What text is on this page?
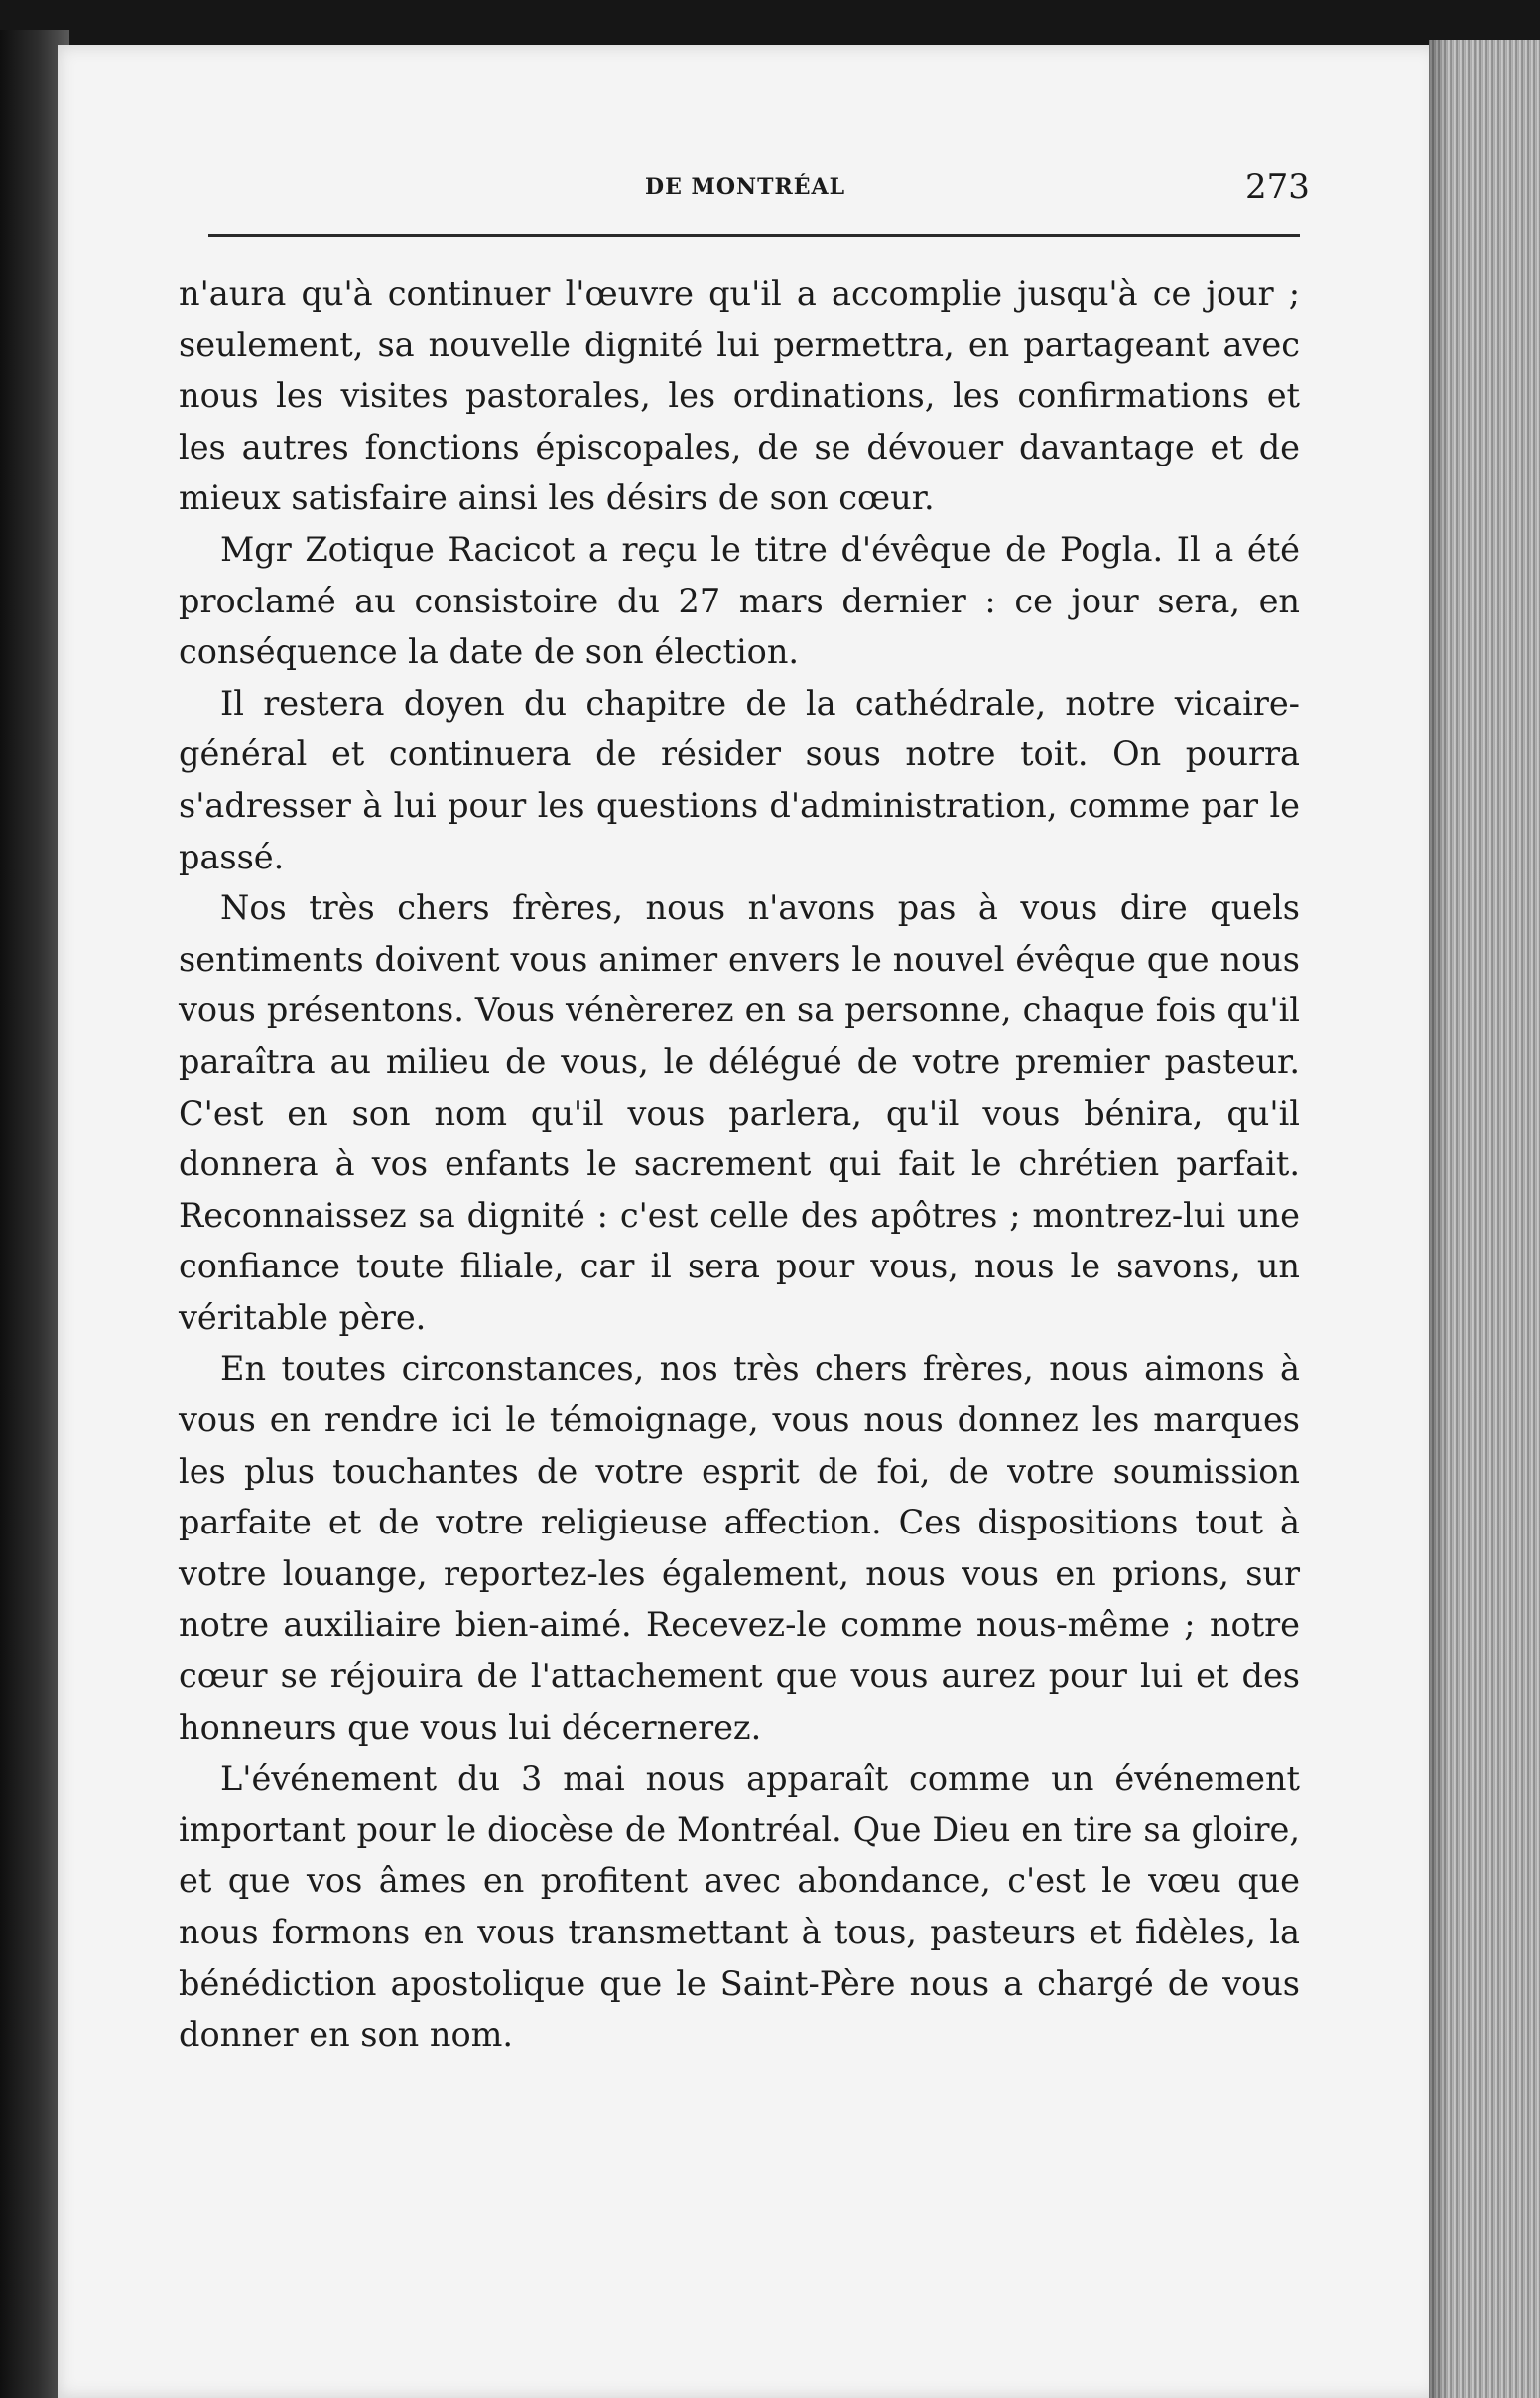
DE MONTRÉAL	273

n'aura qu'à continuer l'œuvre qu'il a accomplie jusqu'à ce jour ; seulement, sa nouvelle dignité lui permettra, en partageant avec nous les visites pastorales, les ordinations, les confirmations et les autres fonctions épiscopales, de se dévouer davantage et de mieux satisfaire ainsi les désirs de son cœur.

Mgr Zotique Racicot a reçu le titre d'évêque de Pogla. Il a été proclamé au consistoire du 27 mars dernier : ce jour sera, en conséquence la date de son élection.

Il restera doyen du chapitre de la cathédrale, notre vicaire-général et continuera de résider sous notre toit. On pourra s'adresser à lui pour les questions d'administration, comme par le passé.

Nos très chers frères, nous n'avons pas à vous dire quels sentiments doivent vous animer envers le nouvel évêque que nous vous présentons. Vous vénèrerez en sa personne, chaque fois qu'il paraîtra au milieu de vous, le délégué de votre premier pasteur. C'est en son nom qu'il vous parlera, qu'il vous bénira, qu'il donnera à vos enfants le sacrement qui fait le chrétien parfait. Reconnaissez sa dignité : c'est celle des apôtres ; montrez-lui une confiance toute filiale, car il sera pour vous, nous le savons, un véritable père.

En toutes circonstances, nos très chers frères, nous aimons à vous en rendre ici le témoignage, vous nous donnez les marques les plus touchantes de votre esprit de foi, de votre soumission parfaite et de votre religieuse affection. Ces dispositions tout à votre louange, reportez-les également, nous vous en prions, sur notre auxiliaire bien-aimé. Recevez-le comme nous-même ; notre cœur se réjouira de l'attachement que vous aurez pour lui et des honneurs que vous lui décernerez.

L'événement du 3 mai nous apparaît comme un événement important pour le diocèse de Montréal. Que Dieu en tire sa gloire, et que vos âmes en profitent avec abondance, c'est le vœu que nous formons en vous transmettant à tous, pasteurs et fidèles, la bénédiction apostolique que le Saint-Père nous a chargé de vous donner en son nom.
